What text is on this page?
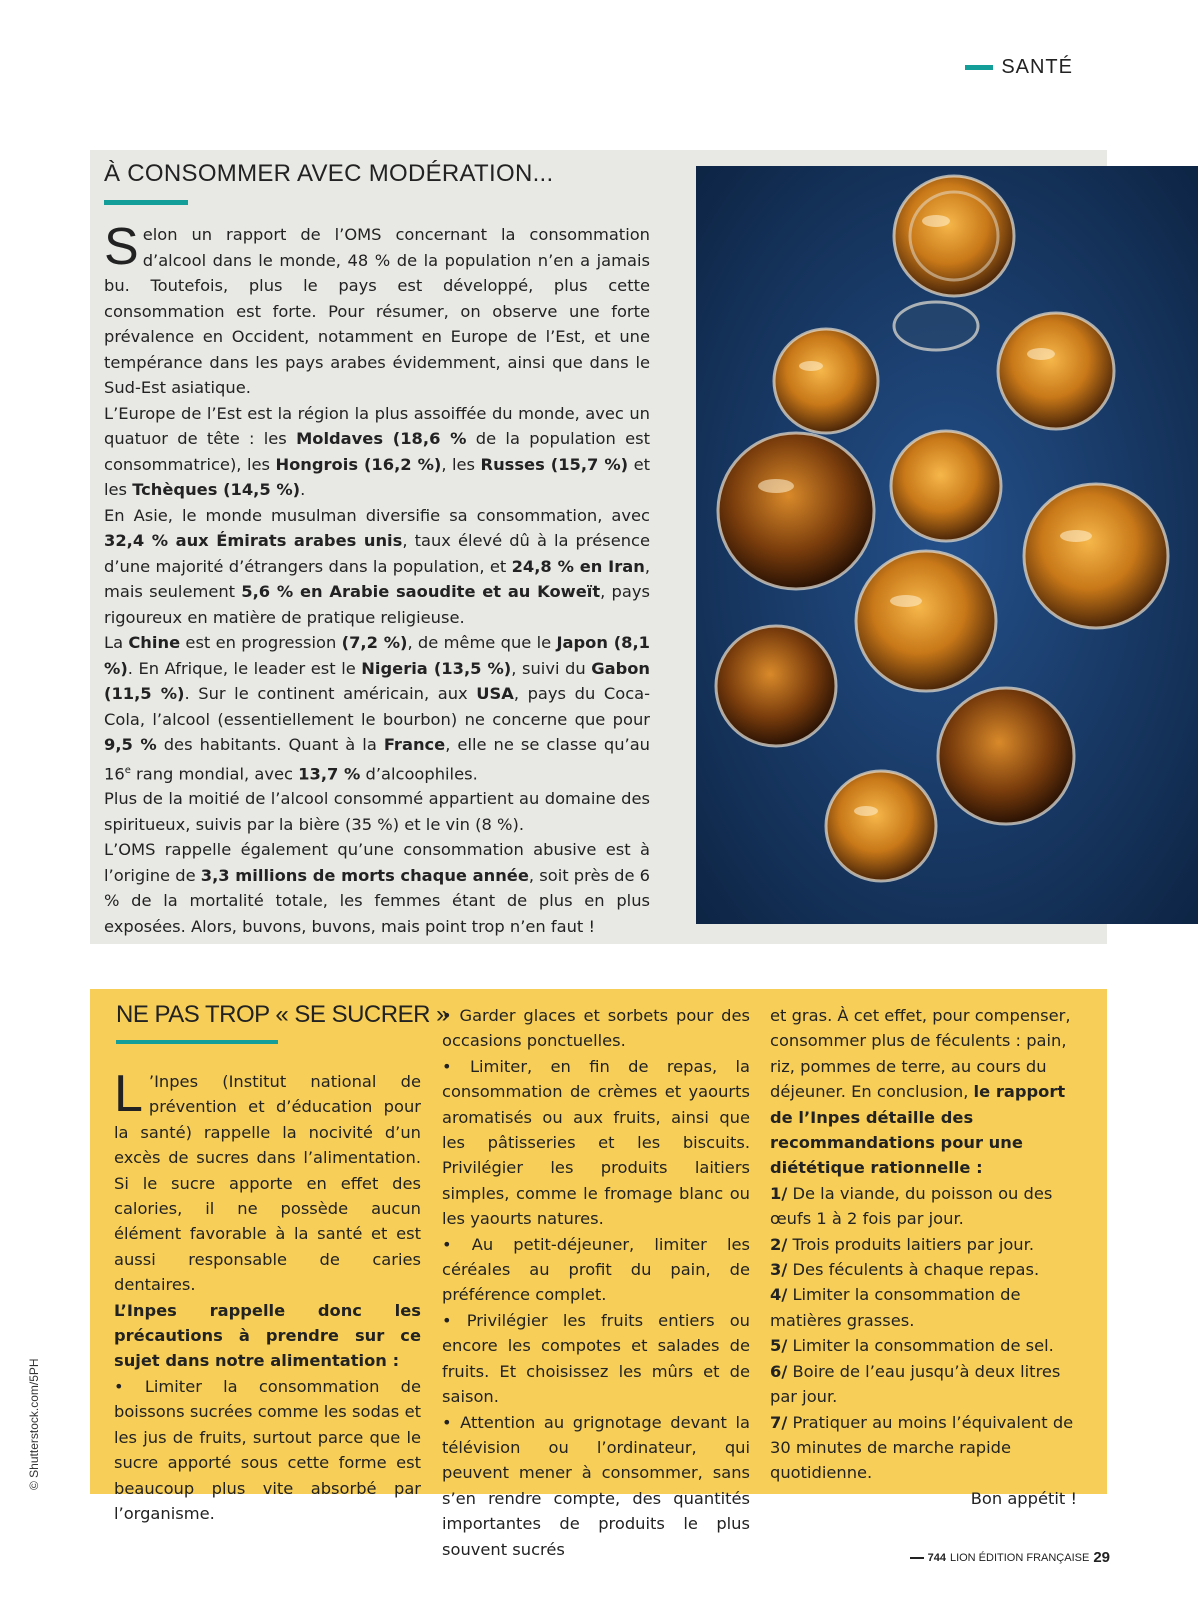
SANTÉ
À CONSOMMER AVEC MODÉRATION...

Selon un rapport de l’OMS concernant la consommation d’alcool dans le monde, 48 % de la population n’en a jamais bu. Toutefois, plus le pays est développé, plus cette consommation est forte. Pour résumer, on observe une forte prévalence en Occident, notamment en Europe de l’Est, et une tempérance dans les pays arabes évidemment, ainsi que dans le Sud-Est asiatique.

L’Europe de l’Est est la région la plus assoiffée du monde, avec un quatuor de tête : les Moldaves (18,6 % de la population est consommatrice), les Hongrois (16,2 %), les Russes (15,7 %) et les Tchèques (14,5 %).

En Asie, le monde musulman diversifie sa consommation, avec 32,4 % aux Émirats arabes unis, taux élevé dû à la présence d’une majorité d’étrangers dans la population, et 24,8 % en Iran, mais seulement 5,6 % en Arabie saoudite et au Koweït, pays rigoureux en matière de pratique religieuse.

La Chine est en progression (7,2 %), de même que le Japon (8,1 %). En Afrique, le leader est le Nigeria (13,5 %), suivi du Gabon (11,5 %). Sur le continent américain, aux USA, pays du Coca-Cola, l’alcool (essentiellement le bourbon) ne concerne que pour 9,5 % des habitants. Quant à la France, elle ne se classe qu’au 16e rang mondial, avec 13,7 % d’alcoophiles.

Plus de la moitié de l’alcool consommé appartient au domaine des spiritueux, suivis par la bière (35 %) et le vin (8 %).

L’OMS rappelle également qu’une consommation abusive est à l’origine de 3,3 millions de morts chaque année, soit près de 6 % de la mortalité totale, les femmes étant de plus en plus exposées. Alors, buvons, buvons, mais point trop n’en faut !

NE PAS TROP « SE SUCRER »

L ’Inpes (Institut national de prévention et d’éducation pour la santé) rappelle la nocivité d’un excès de sucres dans l’alimentation. Si le sucre apporte en effet des calories, il ne possède aucun élément favorable à la santé et est aussi responsable de caries dentaires.

L’Inpes rappelle donc les précautions à prendre sur ce sujet dans notre alimentation :

• Limiter la consommation de boissons sucrées comme les sodas et les jus de fruits, surtout parce que le sucre apporté sous cette forme est beaucoup plus vite absorbé par l’organisme.

• Garder glaces et sorbets pour des occasions ponctuelles.

• Limiter, en fin de repas, la consommation de crèmes et yaourts aromatisés ou aux fruits, ainsi que les pâtisseries et les biscuits. Privilégier les produits laitiers simples, comme le fromage blanc ou les yaourts natures.

• Au petit-déjeuner, limiter les céréales au profit du pain, de préférence complet.

• Privilégier les fruits entiers ou encore les compotes et salades de fruits. Et choisissez les mûrs et de saison.

• Attention au grignotage devant la télévision ou l’ordinateur, qui peuvent mener à consommer, sans s’en rendre compte, des quantités importantes de produits le plus souvent sucrés

et gras. À cet effet, pour compenser, consommer plus de féculents : pain, riz, pommes de terre, au cours du déjeuner. En conclusion, le rapport de l’Inpes détaille des recommandations pour une diététique rationnelle :

1/ De la viande, du poisson ou des œufs 1 à 2 fois par jour.

2/ Trois produits laitiers par jour.

3/ Des féculents à chaque repas.

4/ Limiter la consommation de matières grasses.

5/ Limiter la consommation de sel.

6/ Boire de l’eau jusqu’à deux litres par jour.

7/ Pratiquer au moins l’équivalent de 30 minutes de marche rapide quotidienne.

Bon appétit !

© Shutterstock.com/5PH
744 LION ÉDITION FRANÇAISE 29
